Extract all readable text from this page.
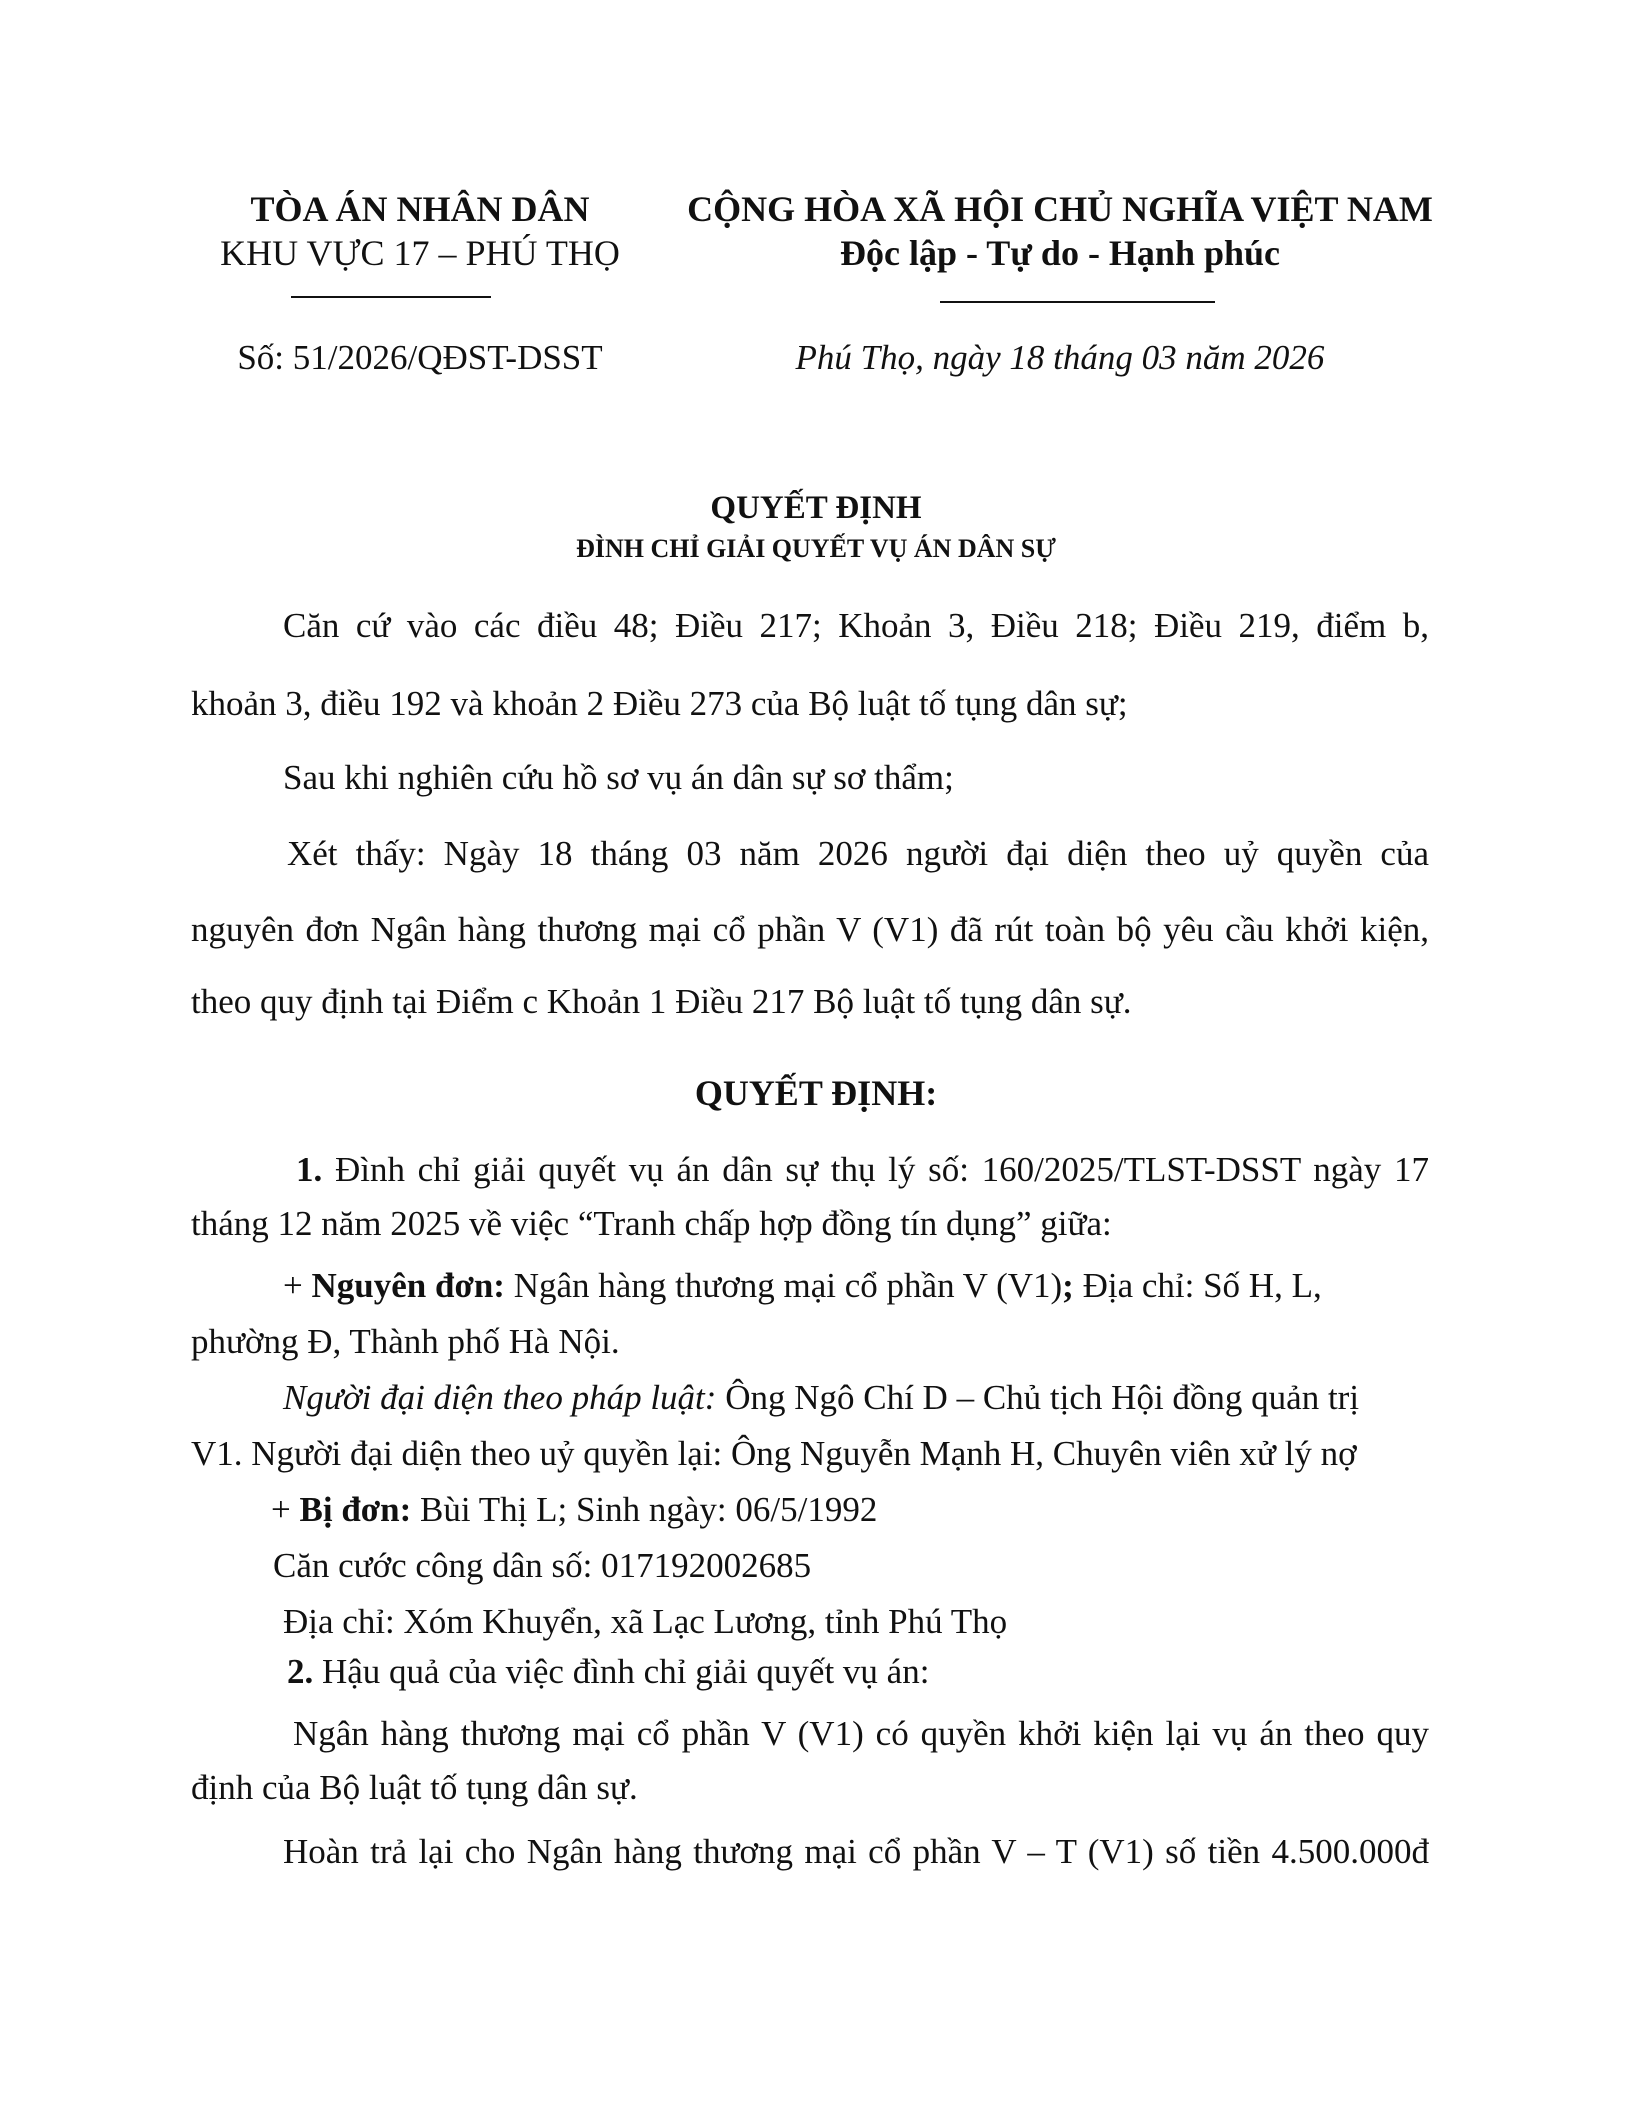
TÒA ÁN NHÂN DÂN
KHU VỰC 17 – PHÚ THỌ
CỘNG HÒA XÃ HỘI CHỦ NGHĨA VIỆT NAM
Độc lập - Tự do - Hạnh phúc
Số: 51/2026/QĐST-DSST	Phú Thọ, ngày 18 tháng 03 năm 2026
QUYẾT ĐỊNH
ĐÌNH CHỈ GIẢI QUYẾT VỤ ÁN DÂN SỰ
Căn cứ vào các điều 48; Điều 217; Khoản 3, Điều 218; Điều 219, điểm b,
khoản 3, điều 192 và khoản 2 Điều 273 của Bộ luật tố tụng dân sự;
Sau khi nghiên cứu hồ sơ vụ án dân sự sơ thẩm;
Xét thấy: Ngày 18 tháng 03 năm 2026 người đại diện theo uỷ quyền của
nguyên đơn Ngân hàng thương mại cổ phần V (V1) đã rút toàn bộ yêu cầu khởi kiện,
theo quy định tại Điểm c Khoản 1 Điều 217 Bộ luật tố tụng dân sự.
QUYẾT ĐỊNH:
1. Đình chỉ giải quyết vụ án dân sự thụ lý số: 160/2025/TLST-DSST ngày 17
tháng 12 năm 2025 về việc “Tranh chấp hợp đồng tín dụng” giữa:
+ Nguyên đơn: Ngân hàng thương mại cổ phần V (V1); Địa chỉ: Số H, L,
phường Đ, Thành phố Hà Nội.
Người đại diện theo pháp luật: Ông Ngô Chí D – Chủ tịch Hội đồng quản trị
V1. Người đại diện theo uỷ quyền lại: Ông Nguyễn Mạnh H, Chuyên viên xử lý nợ
+ Bị đơn: Bùi Thị L; Sinh ngày: 06/5/1992
Căn cước công dân số: 017192002685
Địa chỉ: Xóm Khuyển, xã Lạc Lương, tỉnh Phú Thọ
2. Hậu quả của việc đình chỉ giải quyết vụ án:
Ngân hàng thương mại cổ phần V (V1) có quyền khởi kiện lại vụ án theo quy
định của Bộ luật tố tụng dân sự.
Hoàn trả lại cho Ngân hàng thương mại cổ phần V – T (V1) số tiền 4.500.000đ
